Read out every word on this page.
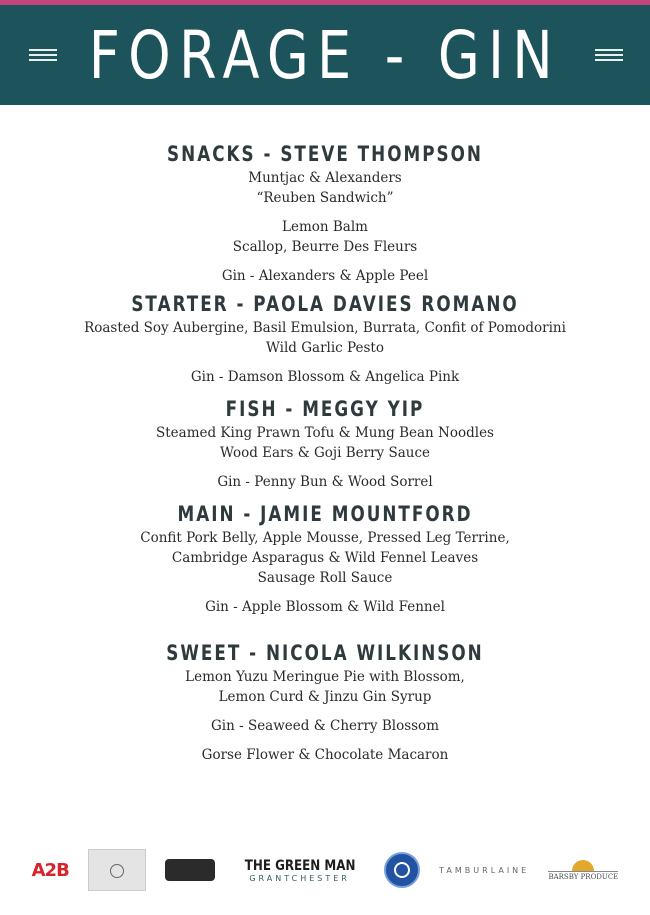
FORAGE - GIN
SNACKS - STEVE THOMPSON

Muntjac & Alexanders

“Reuben Sandwich”

Lemon Balm

Scallop, Beurre Des Fleurs

Gin - Alexanders & Apple Peel

STARTER - PAOLA DAVIES ROMANO

Roasted Soy Aubergine, Basil Emulsion, Burrata, Confit of Pomodorini

Wild Garlic Pesto

Gin - Damson Blossom & Angelica Pink

FISH - MEGGY YIP

Steamed King Prawn Tofu & Mung Bean Noodles

Wood Ears & Goji Berry Sauce

Gin - Penny Bun & Wood Sorrel

MAIN - JAMIE MOUNTFORD

Confit Pork Belly, Apple Mousse, Pressed Leg Terrine,

Cambridge Asparagus & Wild Fennel Leaves

Sausage Roll Sauce

Gin - Apple Blossom & Wild Fennel

SWEET - NICOLA WILKINSON

Lemon Yuzu Meringue Pie with Blossom,

Lemon Curd & Jinzu Gin Syrup

Gin - Seaweed & Cherry Blossom

Gorse Flower & Chocolate Macaron

A2B	THE GREEN MAN
GRANTCHESTER
TAMBURLAINE
BARSBY PRODUCE
